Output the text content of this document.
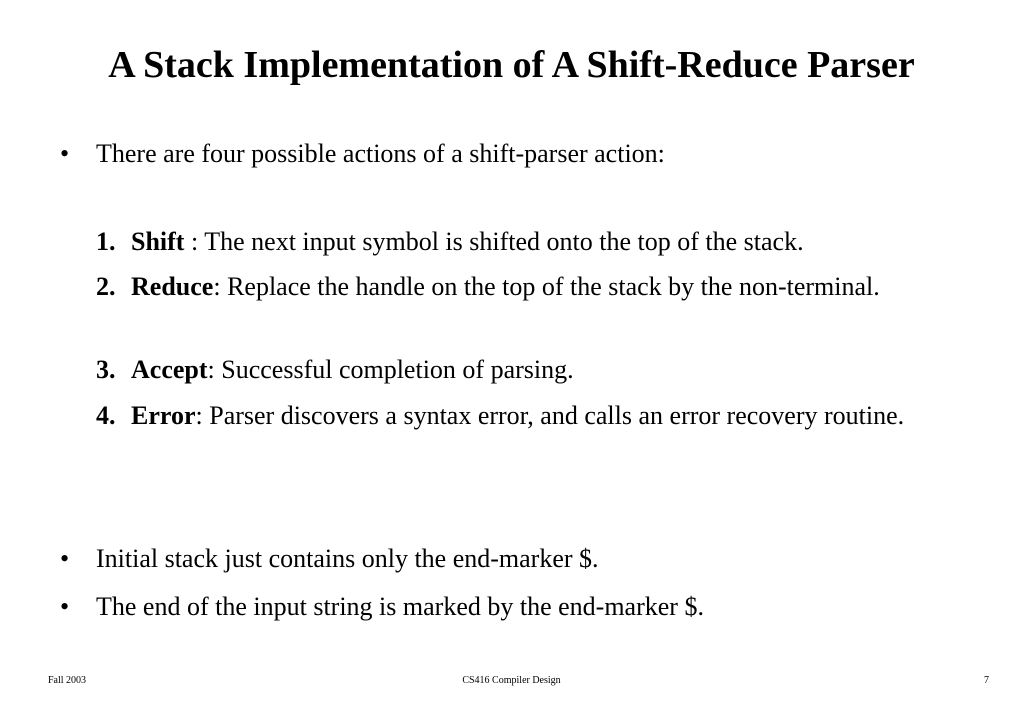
A Stack Implementation of A Shift-Reduce Parser
• There are four possible actions of a shift-parser action:
1. Shift : The next input symbol is shifted onto the top of the stack.
2. Reduce: Replace the handle on the top of the stack by the non-terminal.
3. Accept: Successful completion of parsing.
4. Error: Parser discovers a syntax error, and calls an error recovery routine.
• Initial stack just contains only the end-marker $.
• The end of the input string is marked by the end-marker $.
Fall 2003	CS416 Compiler Design	7
